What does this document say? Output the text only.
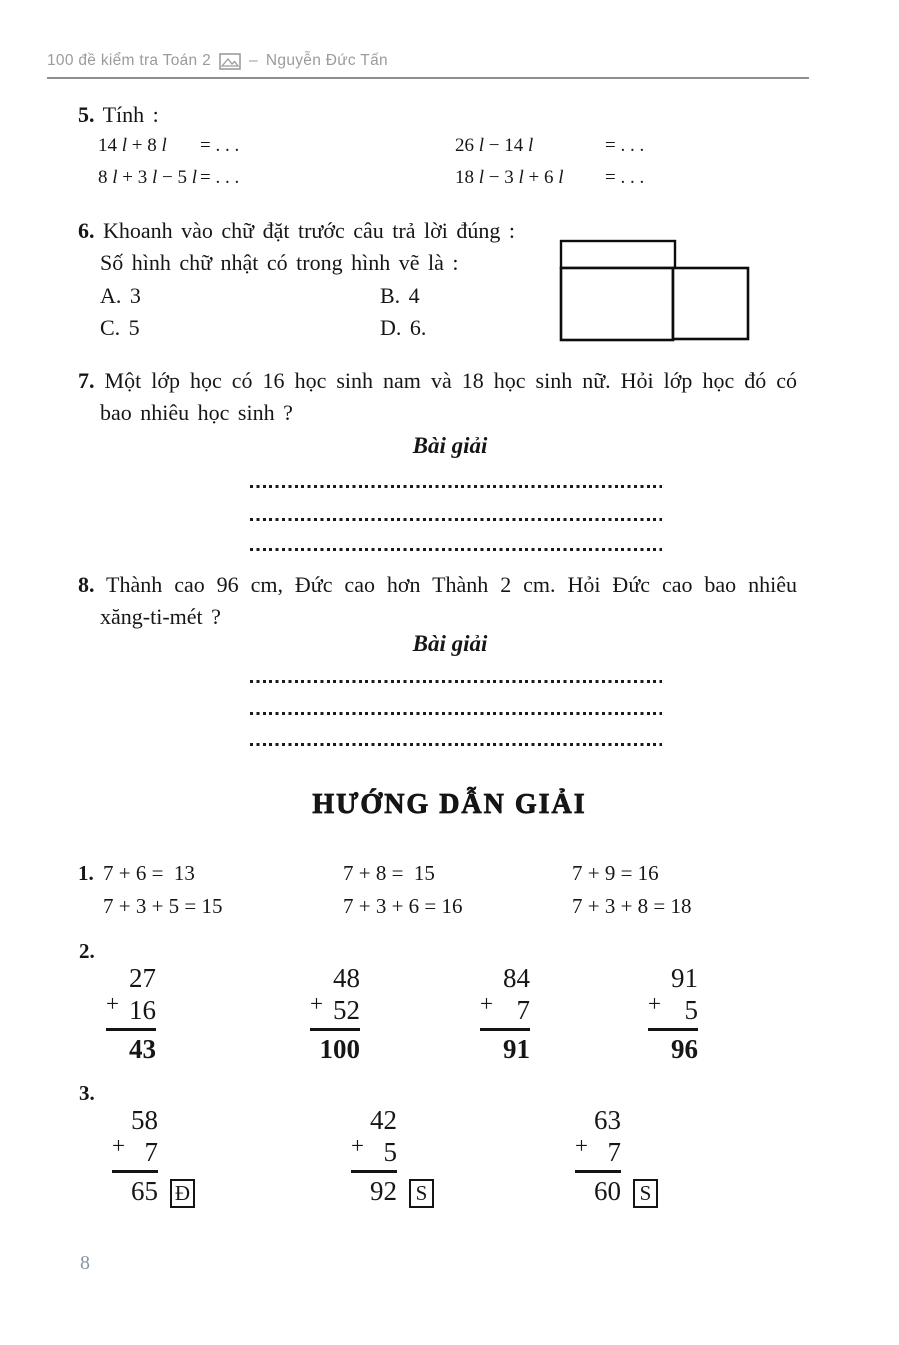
100 đề kiểm tra Toán 2 – Nguyễn Đức Tấn
5. Tính :
14 l + 8 l	= . . .	26 l − 14 l	= . . .
8 l + 3 l − 5 l = . . .	18 l − 3 l + 6 l	= . . .
6. Khoanh vào chữ đặt trước câu trả lời đúng :
Số hình chữ nhật có trong hình vẽ là :
A. 3	B. 4
C. 5	D. 6.
7. Một lớp học có 16 học sinh nam và 18 học sinh nữ. Hỏi lớp học đó có
bao nhiêu học sinh ?
Bài giải
8. Thành cao 96 cm, Đức cao hơn Thành 2 cm. Hỏi Đức cao bao nhiêu
xăng-ti-mét ?
Bài giải
HƯỚNG DẪN GIẢI
1. 7 + 6 =  13	7 + 8 =  15	7 + 9 = 16
7 + 3 + 5 = 15	7 + 3 + 6 = 16	7 + 3 + 8 = 18
2.
+
27
16
43
+
48
52
100
+
84
7
91
+
91
5
96
3.
+
58
7
65 Đ
+
42
5
92 S
+
63
7
60 S
8
